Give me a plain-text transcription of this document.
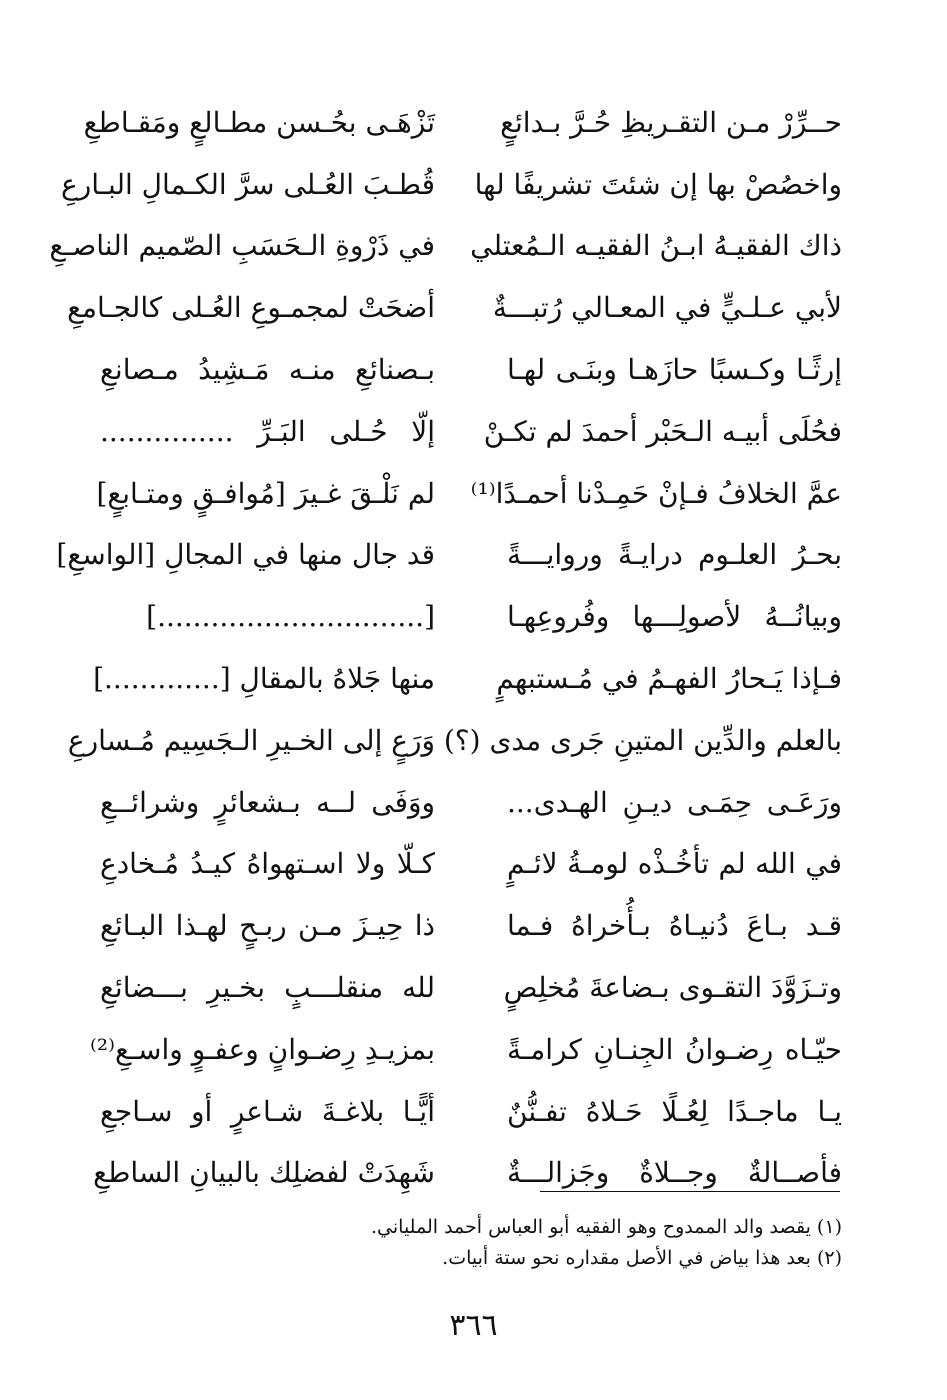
حــرِّرْ مـن التقـريظِ حُـرَّ بـدائعٍ
تَزْهَـى بحُـسن مطـالعٍ ومَقـاطعِ
واخصُصْ بها إن شئتَ تشريفًا لها
قُطـبَ العُـلى سرَّ الكـمالِ البـارعِ
ذاك الفقيـهُ ابـنُ الفقيـه الـمُعتلي
في ذَرْوةِ الـحَسَبِ الصّميم الناصـعِ
لأبي عـلـيٍّ في المعـالي رُتبـــةٌ
أضحَتْ لمجمـوعِ العُـلى كالجـامعِ
إرثًـا وكـسبًا حازَهـا وبنَـى لهـا
بـصنائعِ منـه مَـشِيدُ مـصانعِ
فحُلَى أبيـه الـحَبْر أحمدَ لم تكـنْ
إلّا حُـلى البَـرِّ ...............
عمَّ الخلافُ فـإنْ حَمِـدْنا أحمـدًا⁽¹⁾
لم نَلْـقَ غـيرَ [مُوافـقٍ ومتـابعٍ]
بحـرُ العلـوم درايـةً وروايـــةً
قد جال منها في المجالِ [الواسعِ]
وبيانُــهُ لأصولِـــها وفُروعِهـا
[..............................]
فـإذا يَـحارُ الفهـمُ في مُـستبهمٍ
منها جَلاهُ بالمقالِ [.............]
بالعلم والدِّين المتينِ جَرى مدى (؟)
وَرَعٍ إلى الخـيرِ الـجَسِيم مُـسارعِ
ورَعَـى حِمَـى ديـنِ الهـدى...
ووَفَى لــه بـشعائرٍ وشرائــعِ
في الله لم تأخُـذْه لومـةُ لائـمٍ
كـلّا ولا اسـتهواهُ كيـدُ مُـخادعِ
قـد بـاعَ دُنيـاهُ بـأُخراهُ فـما
ذا حِيـزَ مـن ربـحٍ لهـذا البـائعِ
وتـزَوَّدَ التقـوى بـضاعةَ مُخلِصٍ
لله منقلـــبٍ بخـيرِ بـــضائعِ
حيّـاه رِضـوانُ الجِنـانِ كرامـةً
بمزيـدِ رِضـوانٍ وعفـوٍ واسـعِ⁽²⁾
يـا ماجـدًا لِعُـلًا حَـلاهُ تفـنُّنٌ
أيًّـا بلاغـةَ شـاعرٍ أو سـاجعِ
فأصــالةٌ وجــلاةٌ وجَزالـــةٌ
شَهِدَتْ لفضلِك بالبيانِ الساطعِ
(١) يقصد والد الممدوح وهو الفقيه أبو العباس أحمد الملياني.
(٢) بعد هذا بياض في الأصل مقداره نحو ستة أبيات.
٣٦٦
